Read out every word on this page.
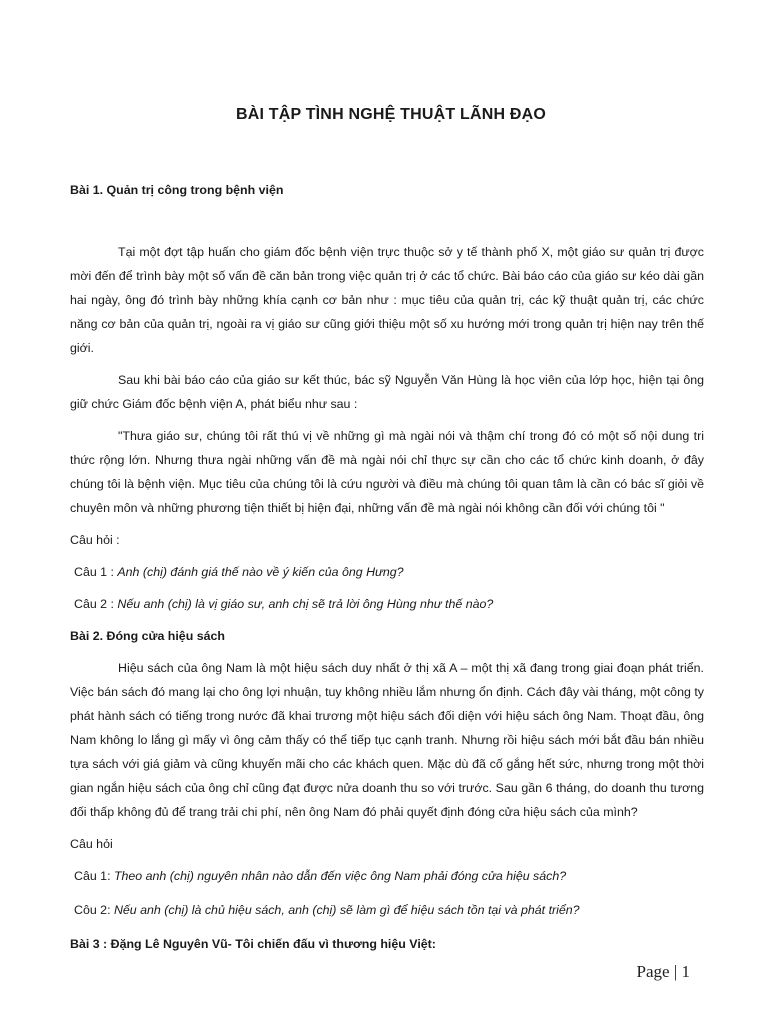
BÀI TẬP TÌNH NGHỆ THUẬT LÃNH ĐẠO

Bài 1. Quản trị công trong bệnh viện

Tại một đợt tập huấn cho giám đốc bệnh viện trực thuộc sở y tế thành phố X, một giáo sư quản trị được mời đến để trình bày một số vấn đề căn bản trong việc quản trị ở các tổ chức. Bài báo cáo của giáo sư kéo dài gần hai ngày, ông đó trình bày những khía cạnh cơ bản như : mục tiêu của quản trị, các kỹ thuật quản trị, các chức năng cơ bản của quản trị, ngoài ra vị giáo sư cũng giới thiệu một số xu hướng mới trong quản trị hiện nay trên thế giới.

Sau khi bài báo cáo của giáo sư kết thúc, bác sỹ Nguyễn Văn Hùng là học viên của lớp học, hiện tại ông giữ chức Giám đốc bệnh viện A, phát biểu như sau :

"Thưa giáo sư, chúng tôi rất thú vị về những gì mà ngài nói và thậm chí trong đó có một số nội dung tri thức rộng lớn. Nhưng thưa ngài những vấn đề mà ngài nói chỉ thực sự cần cho các tổ chức kinh doanh, ở đây chúng tôi là bệnh viện. Mục tiêu của chúng tôi là cứu người và điều mà chúng tôi quan tâm là cần có bác sĩ giỏi về chuyên môn và những phương tiện thiết bị hiện đại, những vấn đề mà ngài nói không cần đối với chúng tôi "

Câu hỏi :

Câu 1 : Anh (chị) đánh giá thế nào về ý kiến của ông Hưng?

Câu 2 : Nếu anh (chị) là vị giáo sư, anh chị sẽ trả lời ông Hùng như thế nào?

Bài 2. Đóng cửa hiệu sách

Hiệu sách của ông Nam là một hiệu sách duy nhất ở thị xã A – một thị xã đang trong giai đoạn phát triển. Việc bán sách đó mang lại cho ông lợi nhuận, tuy không nhiều lắm nhưng ổn định. Cách đây vài tháng, một công ty phát hành sách có tiếng trong nước đã khai trương một hiệu sách đối diện với hiệu sách ông Nam. Thoạt đầu, ông Nam không lo lắng gì mấy vì ông cảm thấy có thể tiếp tục cạnh tranh. Nhưng rồi hiệu sách mới bắt đầu bán nhiều tựa sách với giá giảm và cũng khuyến mãi cho các khách quen. Mặc dù đã cố gắng hết sức, nhưng trong một thời gian ngắn hiệu sách của ông chỉ cũng đạt được nửa doanh thu so với trước. Sau gần 6 tháng, do doanh thu tương đối thấp không đủ để trang trải chi phí, nên ông Nam đó phải quyết định đóng cửa hiệu sách của mình?

Câu hỏi

Câu 1: Theo anh (chị) nguyên nhân nào dẫn đến việc ông Nam phải đóng cửa hiệu sách?

Côu 2: Nếu anh (chị) là chủ hiệu sách, anh (chị) sẽ làm gì để hiệu sách tồn tại và phát triển?

Bài 3 : Đặng Lê Nguyên Vũ- Tôi chiến đấu vì thương hiệu Việt:

Page | 1
